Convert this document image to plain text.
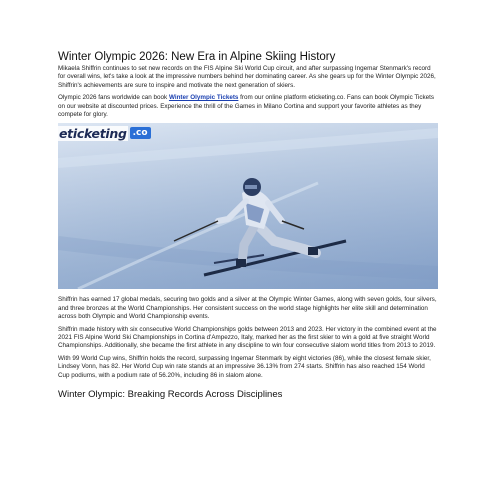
Winter Olympic 2026: New Era in Alpine Skiing History

Mikaela Shiffrin continues to set new records on the FIS Alpine Ski World Cup circuit, and after surpassing Ingemar Stenmark's record for overall wins, let's take a look at the impressive numbers behind her dominating career. As she gears up for the Winter Olympic 2026, Shiffrin's achievements are sure to inspire and motivate the next generation of skiers.

Olympic 2026 fans worldwide can book Winter Olympic Tickets from our online platform eticketing.co. Fans can book Olympic Tickets on our website at discounted prices. Experience the thrill of the Games in Milano Cortina and support your favorite athletes as they compete for glory.

eticketing .co

Shiffrin has earned 17 global medals, securing two golds and a silver at the Olympic Winter Games, along with seven golds, four silvers, and three bronzes at the World Championships. Her consistent success on the world stage highlights her elite skill and determination across both Olympic and World Championship events.

Shiffrin made history with six consecutive World Championships golds between 2013 and 2023. Her victory in the combined event at the 2021 FIS Alpine World Ski Championships in Cortina d'Ampezzo, Italy, marked her as the first skier to win a gold at five straight World Championships. Additionally, she became the first athlete in any discipline to win four consecutive slalom world titles from 2013 to 2019.

With 99 World Cup wins, Shiffrin holds the record, surpassing Ingemar Stenmark by eight victories (86), while the closest female skier, Lindsey Vonn, has 82. Her World Cup win rate stands at an impressive 36.13% from 274 starts. Shiffrin has also reached 154 World Cup podiums, with a podium rate of 56.20%, including 86 in slalom alone.

Winter Olympic: Breaking Records Across Disciplines
